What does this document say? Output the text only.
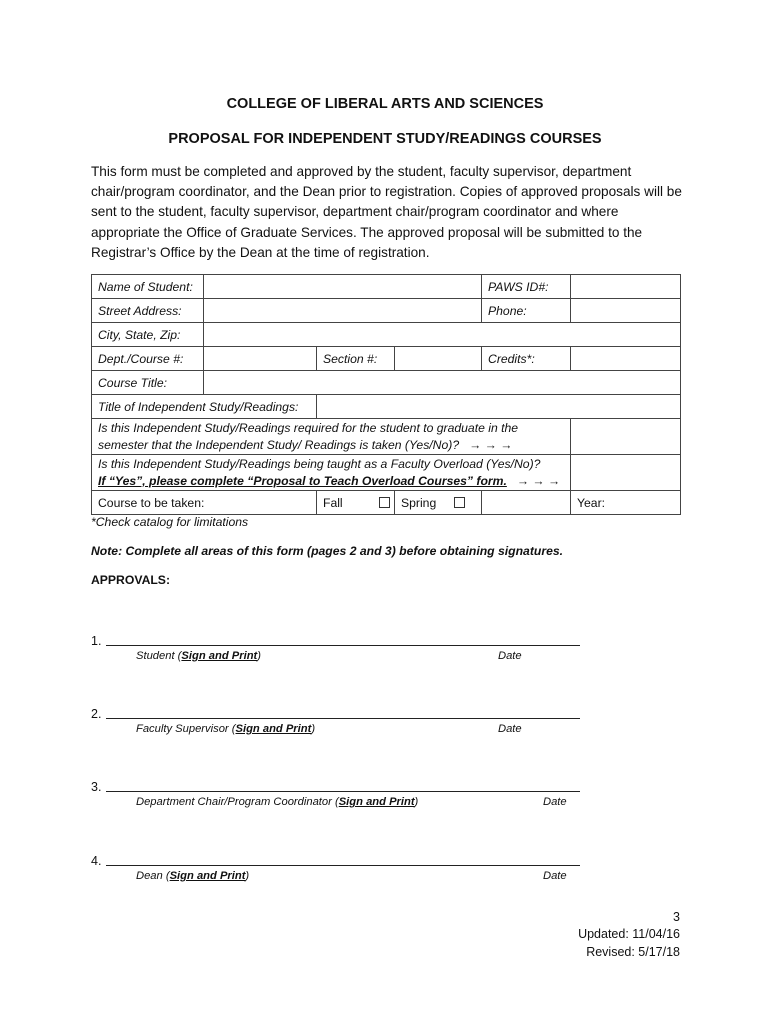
COLLEGE OF LIBERAL ARTS AND SCIENCES
PROPOSAL FOR INDEPENDENT STUDY/READINGS COURSES

This form must be completed and approved by the student, faculty supervisor, department chair/program coordinator, and the Dean prior to registration. Copies of approved proposals will be sent to the student, faculty supervisor, department chair/program coordinator and where appropriate the Office of Graduate Services. The approved proposal will be submitted to the Registrar’s Office by the Dean at the time of registration.

Name of Student:				PAWS ID#:	
Street Address:				Phone:	
City, State, Zip:					
Dept./Course #:		Section #:		Credits*:	
Course Title:					
Title of Independent Study/Readings:					
Is this Independent Study/Readings required for the student to graduate in the semester that the Independent Study/ Readings is taken (Yes/No)? → → →					
Is this Independent Study/Readings being taught as a Faculty Overload (Yes/No)?
If “Yes”, please complete “Proposal to Teach Overload Courses” form. → → →					
Course to be taken:		Fall	Spring		Year:
*Check catalog for limitations
Note: Complete all areas of this form (pages 2 and 3) before obtaining signatures.
APPROVALS:
1.
Student (Sign and Print)	Date
2.
Faculty Supervisor (Sign and Print)	Date
3.
Department Chair/Program Coordinator (Sign and Print)	Date
4.
Dean (Sign and Print)	Date
3
Updated: 11/04/16
Revised: 5/17/18
